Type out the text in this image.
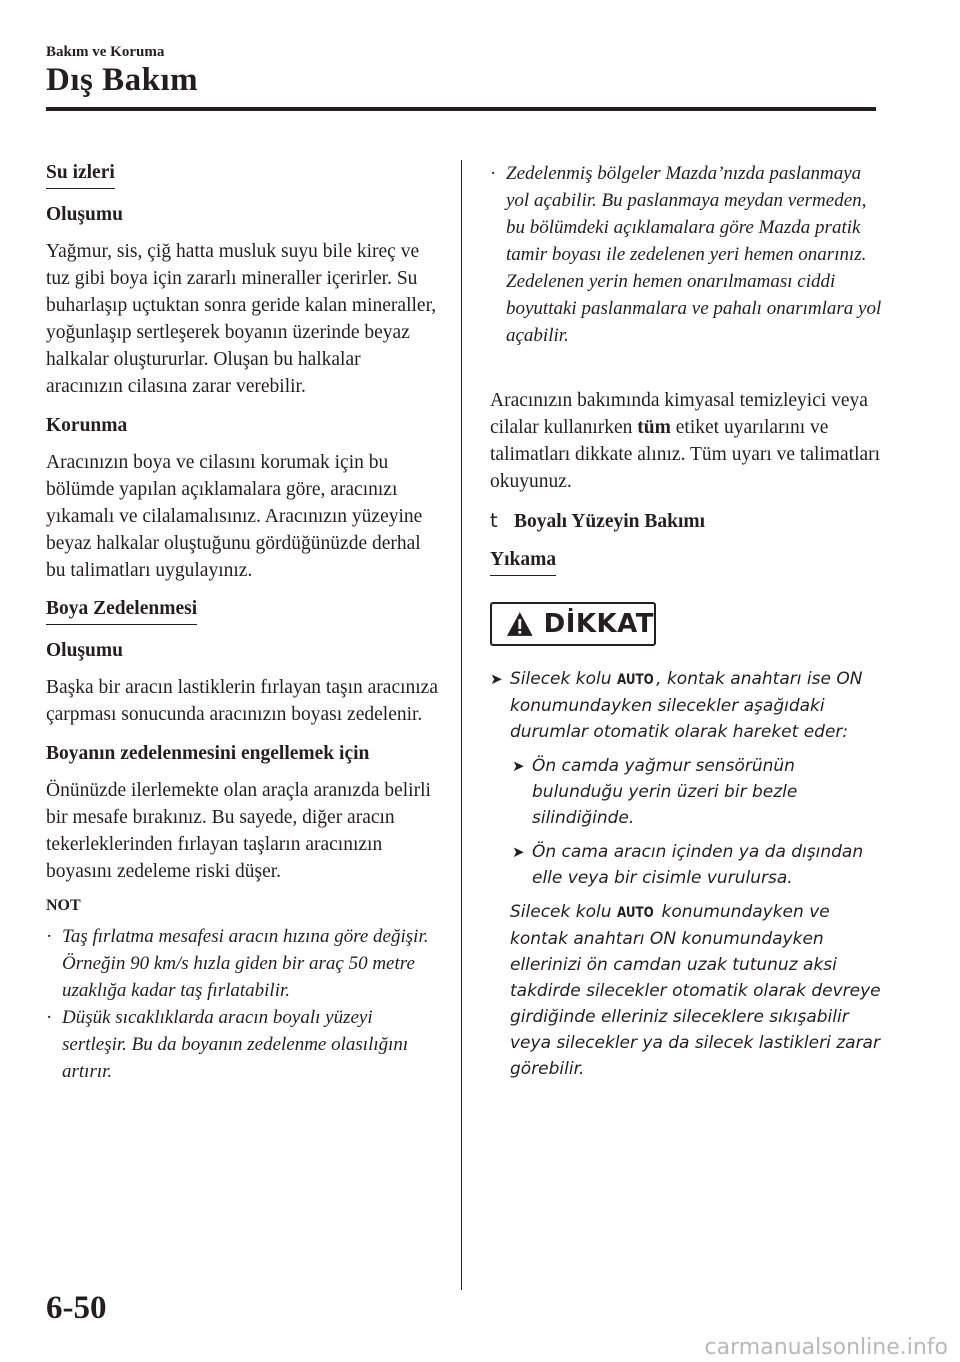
Bakım ve Koruma
Dış Bakım
Su izleri
Oluşumu

Yağmur, sis, çiğ hatta musluk suyu bile kireç ve tuz gibi boya için zararlı mineraller içerirler. Su buharlaşıp uçtuktan sonra geride kalan mineraller, yoğunlaşıp sertleşerek boyanın üzerinde beyaz halkalar oluştururlar. Oluşan bu halkalar aracınızın cilasına zarar verebilir.

Korunma

Aracınızın boya ve cilasını korumak için bu bölümde yapılan açıklamalara göre, aracınızı yıkamalı ve cilalamalısınız. Aracınızın yüzeyine beyaz halkalar oluştuğunu gördüğünüzde derhal bu talimatları uygulayınız.

Boya Zedelenmesi
Oluşumu

Başka bir aracın lastiklerin fırlayan taşın aracınıza çarpması sonucunda aracınızın boyası zedelenir.

Boyanın zedelenmesini engellemek için

Önünüzde ilerlemekte olan araçla aranızda belirli bir mesafe bırakınız. Bu sayede, diğer aracın tekerleklerinden fırlayan taşların aracınızın boyasını zedeleme riski düşer.

NOT
· Taş fırlatma mesafesi aracın hızına göre değişir. Örneğin 90 km/s hızla giden bir araç 50 metre uzaklığa kadar taş fırlatabilir.
· Düşük sıcaklıklarda aracın boyalı yüzeyi sertleşir. Bu da boyanın zedelenme olasılığını artırır.
· Zedelenmiş bölgeler Mazda’nızda paslanmaya yol açabilir. Bu paslanmaya meydan vermeden, bu bölümdeki açıklamalara göre Mazda pratik tamir boyası ile zedelenen yeri hemen onarınız. Zedelenen yerin hemen onarılmaması ciddi boyuttaki paslanmalara ve pahalı onarımlara yol açabilir.

Aracınızın bakımında kimyasal temizleyici veya cilalar kullanırken tüm etiket uyarılarını ve talimatları dikkate alınız. Tüm uyarı ve talimatları okuyunuz.

t Boyalı Yüzeyin Bakımı
Yıkama
DİKKAT
➤ Silecek kolu AUTO , kontak anahtarı ise ON konumundayken silecekler aşağıdaki durumlar otomatik olarak hareket eder:
➤ Ön camda yağmur sensörünün bulunduğu yerin üzeri bir bezle silindiğinde.
➤ Ön cama aracın içinden ya da dışından elle veya bir cisimle vurulursa.
Silecek kolu AUTO konumundayken ve kontak anahtarı ON konumundayken ellerinizi ön camdan uzak tutunuz aksi takdirde silecekler otomatik olarak devreye girdiğinde elleriniz sileceklere sıkışabilir veya silecekler ya da silecek lastikleri zarar görebilir.
6-50
carmanualsonline.info
